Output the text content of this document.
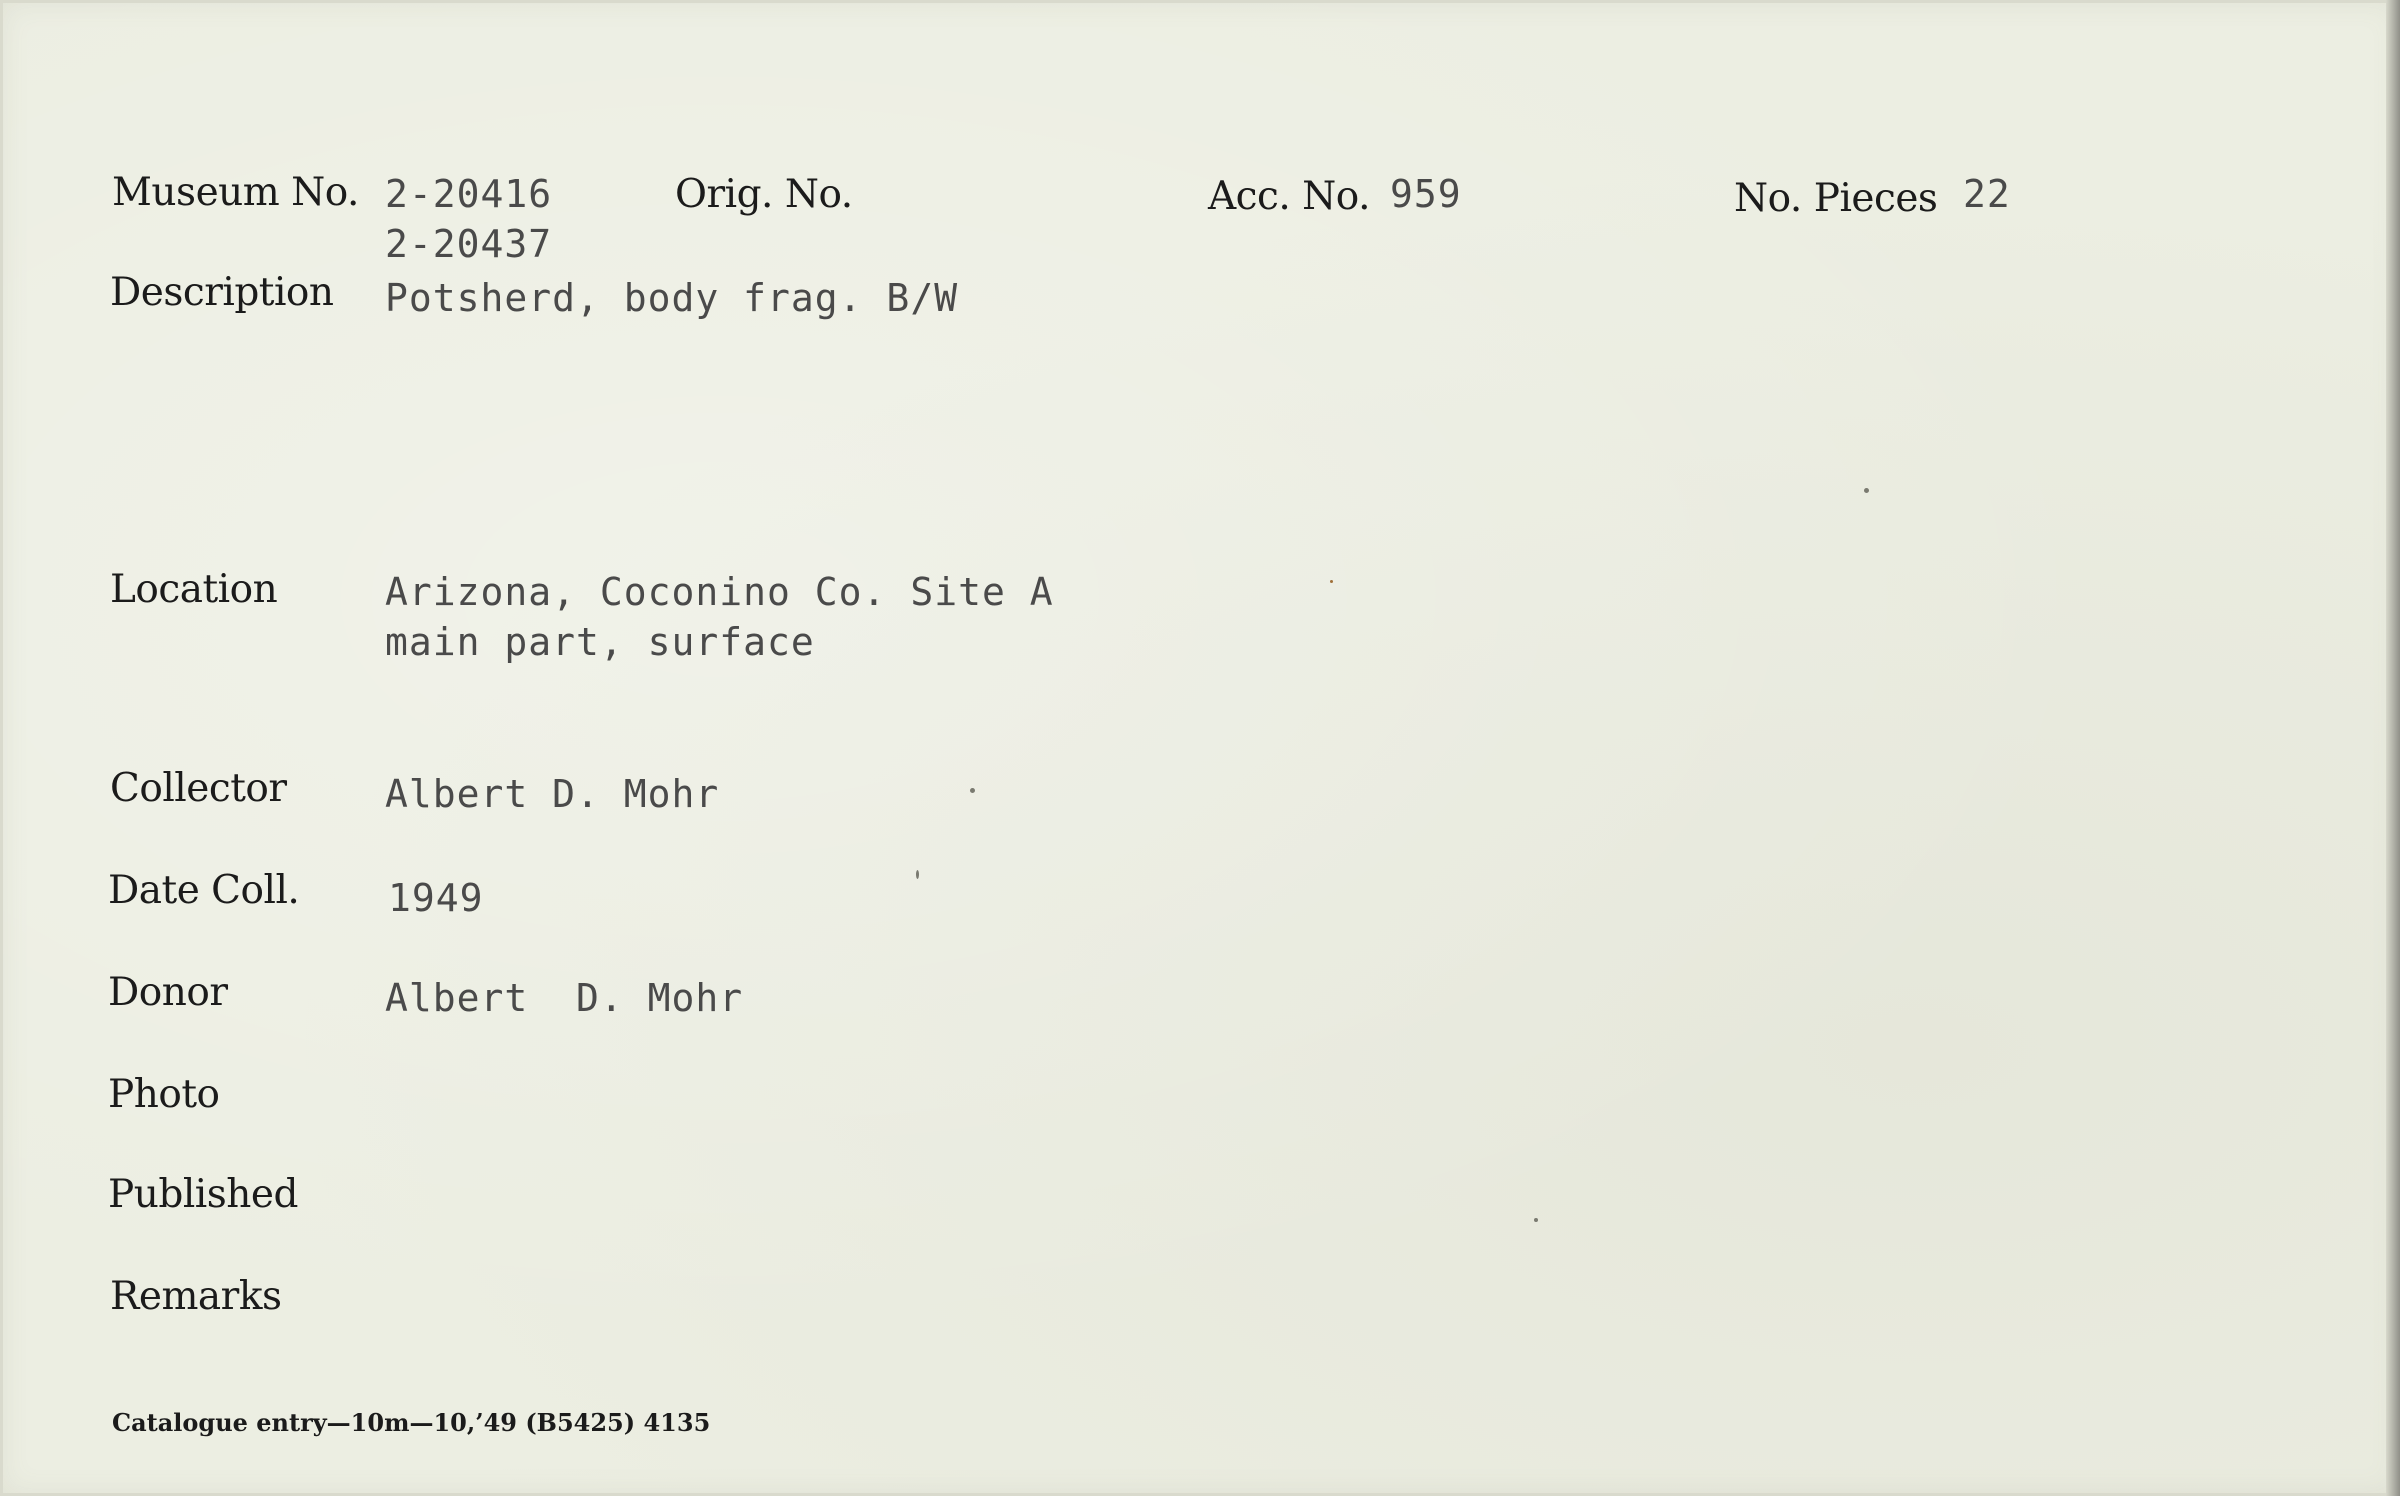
Museum No. 2-20416
2-20437
Orig. No.	Acc. No. 959	No. Pieces 22
Description Potsherd, body frag. B/W
Location	Arizona, Coconino Co. Site A
main part, surface
Collector	Albert D. Mohr
Date Coll. 1949
Donor	Albert  D. Mohr
Photo
Published
Remarks
Catalogue entry—10m—10,’49 (B5425) 4135
